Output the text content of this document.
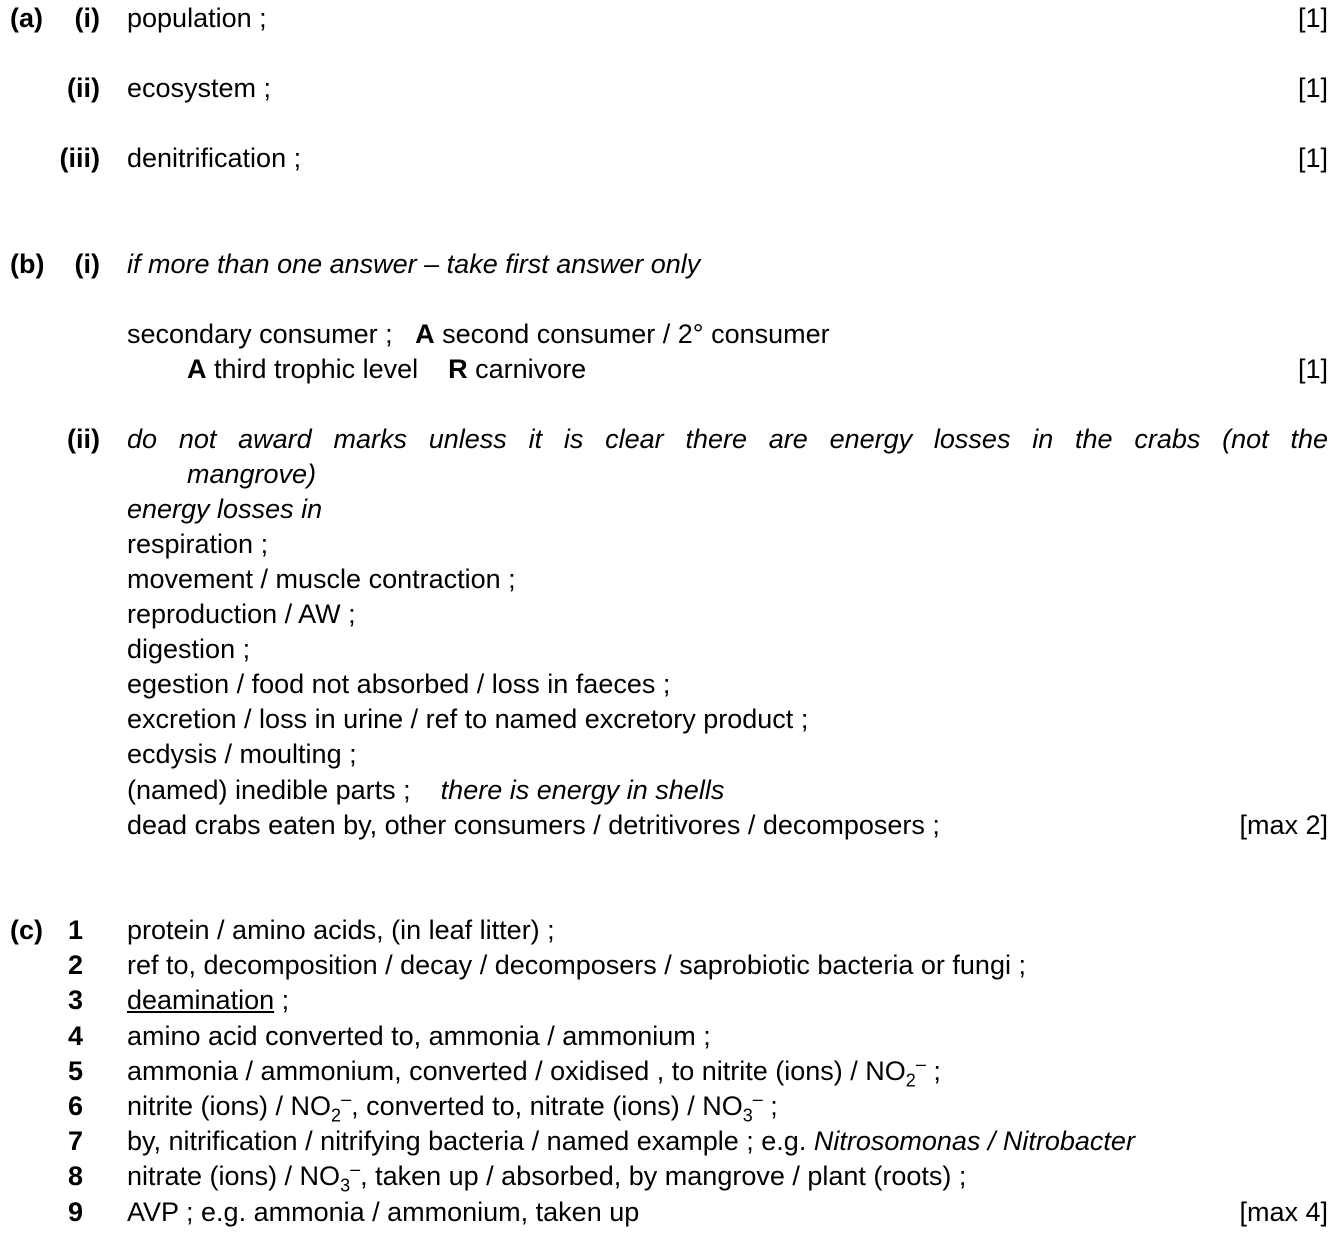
(a)	(i) population ;	[1]
(ii) ecosystem ;	[1]
(iii) denitrification ;	[1]
(b)	(i) if more than one answer – take first answer only
secondary consumer ; A second consumer / 2° consumer
A third trophic level R carnivore	[1]
(ii) do not award marks unless it is clear there are energy losses in the crabs (not the
mangrove)
energy losses in
respiration ;
movement / muscle contraction ;
reproduction / AW ;
digestion ;
egestion / food not absorbed / loss in faeces ;
excretion / loss in urine / ref to named excretory product ;
ecdysis / moulting ;
(named) inedible parts ; there is energy in shells
dead crabs eaten by, other consumers / detritivores / decomposers ;	[max 2]
(c) 1 protein / amino acids, (in leaf litter) ;
2 ref to, decomposition / decay / decomposers / saprobiotic bacteria or fungi ;
3 deamination ;
4 amino acid converted to, ammonia / ammonium ;
5 ammonia / ammonium, converted / oxidised , to nitrite (ions) / $NO_2^-$ ;
6 nitrite (ions) / $NO_2^-$, converted to, nitrate (ions) / $NO_3^-$ ;
7 by, nitrification / nitrifying bacteria / named example ; e.g. Nitrosomonas / Nitrobacter
8 nitrate (ions) / $NO_3^-$, taken up / absorbed, by mangrove / plant (roots) ;
9 AVP ; e.g. ammonia / ammonium, taken up	[max 4]
